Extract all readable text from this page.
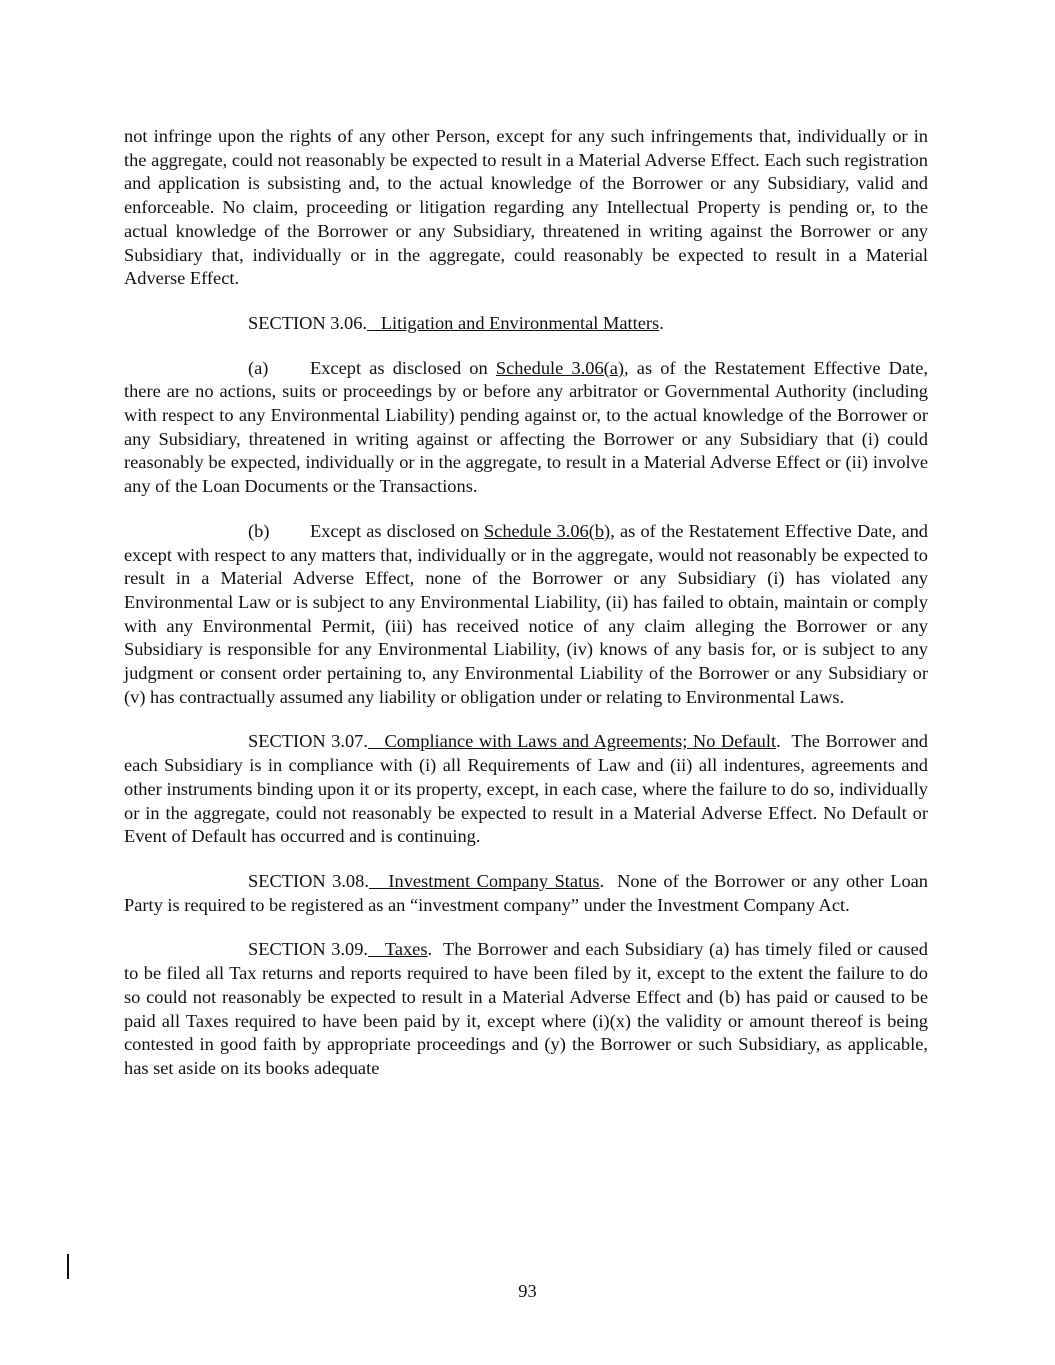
not infringe upon the rights of any other Person, except for any such infringements that, individually or in the aggregate, could not reasonably be expected to result in a Material Adverse Effect. Each such registration and application is subsisting and, to the actual knowledge of the Borrower or any Subsidiary, valid and enforceable. No claim, proceeding or litigation regarding any Intellectual Property is pending or, to the actual knowledge of the Borrower or any Subsidiary, threatened in writing against the Borrower or any Subsidiary that, individually or in the aggregate, could reasonably be expected to result in a Material Adverse Effect.

SECTION 3.06. Litigation and Environmental Matters.

(a) Except as disclosed on Schedule 3.06(a), as of the Restatement Effective Date, there are no actions, suits or proceedings by or before any arbitrator or Governmental Authority (including with respect to any Environmental Liability) pending against or, to the actual knowledge of the Borrower or any Subsidiary, threatened in writing against or affecting the Borrower or any Subsidiary that (i) could reasonably be expected, individually or in the aggregate, to result in a Material Adverse Effect or (ii) involve any of the Loan Documents or the Transactions.

(b) Except as disclosed on Schedule 3.06(b), as of the Restatement Effective Date, and except with respect to any matters that, individually or in the aggregate, would not reasonably be expected to result in a Material Adverse Effect, none of the Borrower or any Subsidiary (i) has violated any Environmental Law or is subject to any Environmental Liability, (ii) has failed to obtain, maintain or comply with any Environmental Permit, (iii) has received notice of any claim alleging the Borrower or any Subsidiary is responsible for any Environmental Liability, (iv) knows of any basis for, or is subject to any judgment or consent order pertaining to, any Environmental Liability of the Borrower or any Subsidiary or (v) has contractually assumed any liability or obligation under or relating to Environmental Laws.

SECTION 3.07. Compliance with Laws and Agreements; No Default.  The Borrower and each Subsidiary is in compliance with (i) all Requirements of Law and (ii) all indentures, agreements and other instruments binding upon it or its property, except, in each case, where the failure to do so, individually or in the aggregate, could not reasonably be expected to result in a Material Adverse Effect. No Default or Event of Default has occurred and is continuing.

SECTION 3.08. Investment Company Status.  None of the Borrower or any other Loan Party is required to be registered as an “investment company” under the Investment Company Act.

SECTION 3.09. Taxes.  The Borrower and each Subsidiary (a) has timely filed or caused to be filed all Tax returns and reports required to have been filed by it, except to the extent the failure to do so could not reasonably be expected to result in a Material Adverse Effect and (b) has paid or caused to be paid all Taxes required to have been paid by it, except where (i)(x) the validity or amount thereof is being contested in good faith by appropriate proceedings and (y) the Borrower or such Subsidiary, as applicable, has set aside on its books adequate

93
